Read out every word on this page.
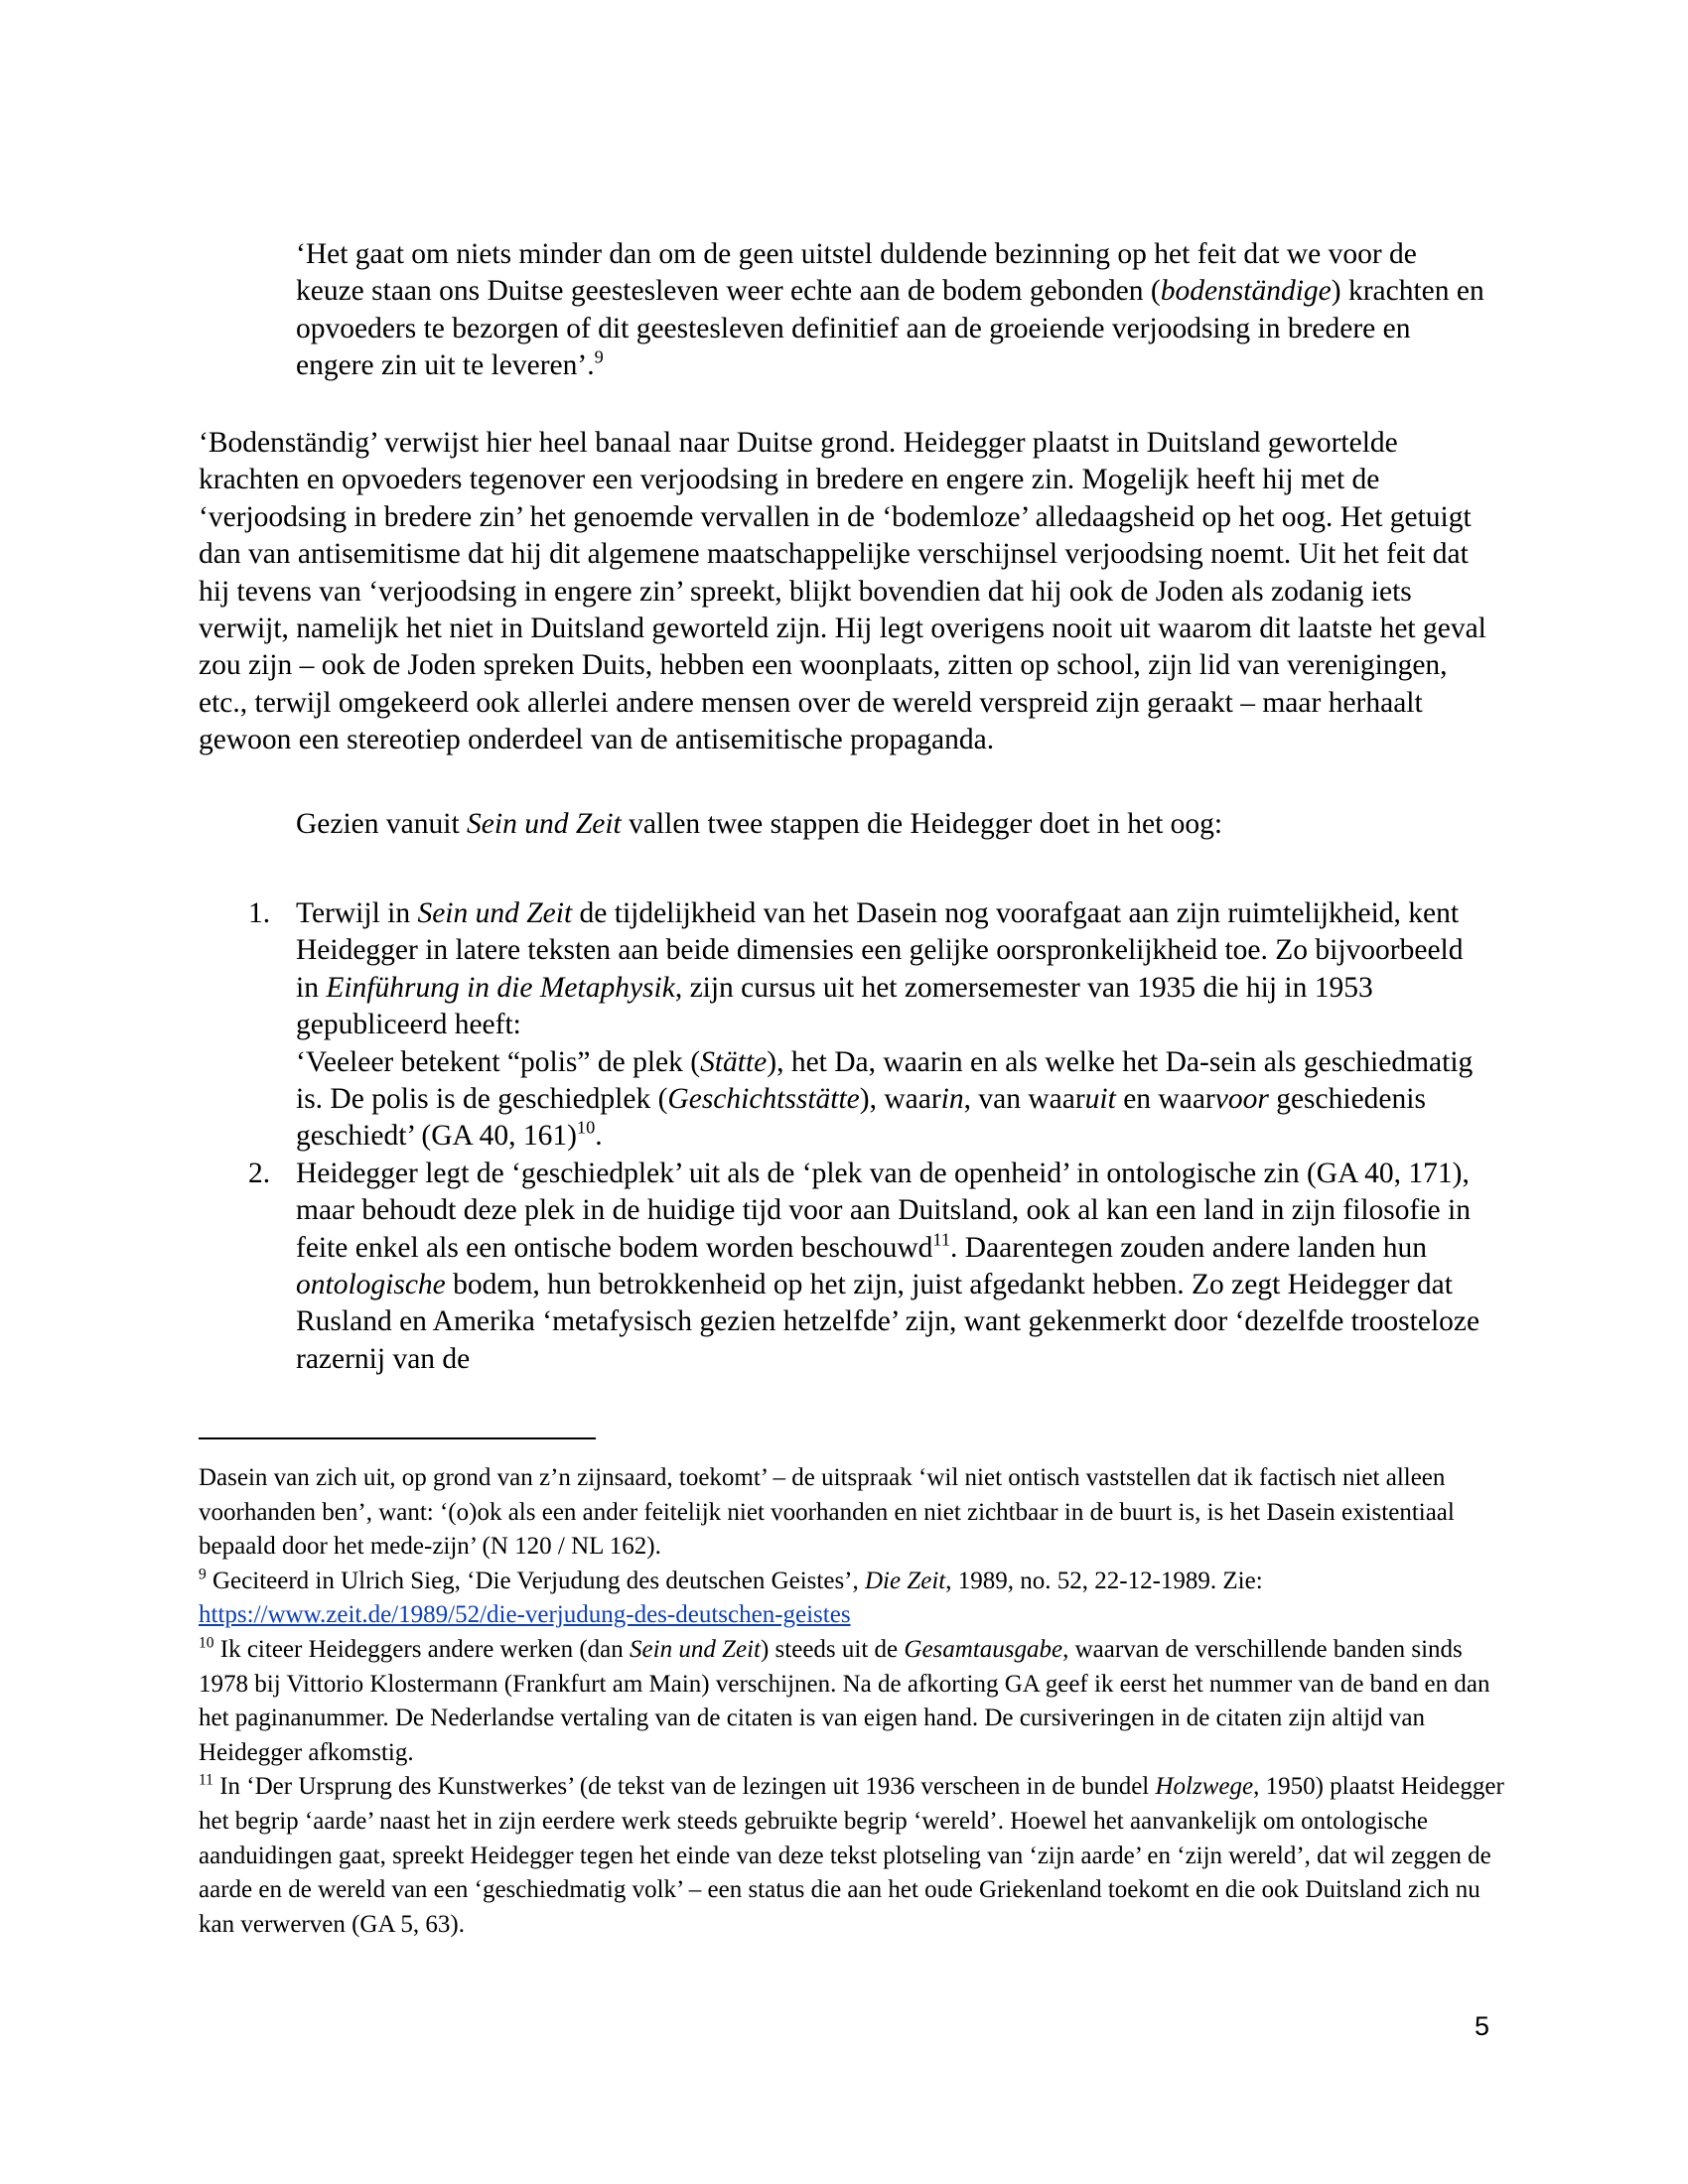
‘Het gaat om niets minder dan om de geen uitstel duldende bezinning op het feit dat we voor de keuze staan ons Duitse geestesleven weer echte aan de bodem gebonden (bodenständige) krachten en opvoeders te bezorgen of dit geestesleven definitief aan de groeiende verjoodsing in bredere en engere zin uit te leveren’.$^9$

‘Bodenständig’ verwijst hier heel banaal naar Duitse grond. Heidegger plaatst in Duitsland gewortelde krachten en opvoeders tegenover een verjoodsing in bredere en engere zin. Mogelijk heeft hij met de ‘verjoodsing in bredere zin’ het genoemde vervallen in de ‘bodemloze’ alledaagsheid op het oog. Het getuigt dan van antisemitisme dat hij dit algemene maatschappelijke verschijnsel verjoodsing noemt. Uit het feit dat hij tevens van ‘verjoodsing in engere zin’ spreekt, blijkt bovendien dat hij ook de Joden als zodanig iets verwijt, namelijk het niet in Duitsland geworteld zijn. Hij legt overigens nooit uit waarom dit laatste het geval zou zijn – ook de Joden spreken Duits, hebben een woonplaats, zitten op school, zijn lid van verenigingen, etc., terwijl omgekeerd ook allerlei andere mensen over de wereld verspreid zijn geraakt – maar herhaalt gewoon een stereotiep onderdeel van de antisemitische propaganda.

Gezien vanuit Sein und Zeit vallen twee stappen die Heidegger doet in het oog:

1. Terwijl in Sein und Zeit de tijdelijkheid van het Dasein nog voorafgaat aan zijn ruimtelijkheid, kent Heidegger in latere teksten aan beide dimensies een gelijke oorspronkelijkheid toe. Zo bijvoorbeeld in Einführung in die Metaphysik, zijn cursus uit het zomersemester van 1935 die hij in 1953 gepubliceerd heeft:
‘Veeleer betekent “polis” de plek (Stätte), het Da, waarin en als welke het Da-sein als geschiedmatig is. De polis is de geschiedplek (Geschichtsstätte), waarin, van waaruit en waarvoor geschiedenis geschiedt’ (GA 40, 161)$^{10}$.
2. Heidegger legt de ‘geschiedplek’ uit als de ‘plek van de openheid’ in ontologische zin (GA 40, 171), maar behoudt deze plek in de huidige tijd voor aan Duitsland, ook al kan een land in zijn filosofie in feite enkel als een ontische bodem worden beschouwd$^{11}$. Daarentegen zouden andere landen hun ontologische bodem, hun betrokkenheid op het zijn, juist afgedankt hebben. Zo zegt Heidegger dat Rusland en Amerika ‘metafysisch gezien hetzelfde’ zijn, want gekenmerkt door ‘dezelfde troosteloze razernij van de

Dasein van zich uit, op grond van z’n zijnsaard, toekomt’ – de uitspraak ‘wil niet ontisch vaststellen dat ik factisch niet alleen voorhanden ben’, want: ‘(o)ok als een ander feitelijk niet voorhanden en niet zichtbaar in de buurt is, is het Dasein existentiaal bepaald door het mede-zijn’ (N 120 / NL 162).

$^9$ Geciteerd in Ulrich Sieg, ‘Die Verjudung des deutschen Geistes’, Die Zeit, 1989, no. 52, 22-12-1989. Zie: https://www.zeit.de/1989/52/die-verjudung-des-deutschen-geistes

$^{10}$ Ik citeer Heideggers andere werken (dan Sein und Zeit) steeds uit de Gesamtausgabe, waarvan de verschillende banden sinds 1978 bij Vittorio Klostermann (Frankfurt am Main) verschijnen. Na de afkorting GA geef ik eerst het nummer van de band en dan het paginanummer. De Nederlandse vertaling van de citaten is van eigen hand. De cursiveringen in de citaten zijn altijd van Heidegger afkomstig.

$^{11}$ In ‘Der Ursprung des Kunstwerkes’ (de tekst van de lezingen uit 1936 verscheen in de bundel Holzwege, 1950) plaatst Heidegger het begrip ‘aarde’ naast het in zijn eerdere werk steeds gebruikte begrip ‘wereld’. Hoewel het aanvankelijk om ontologische aanduidingen gaat, spreekt Heidegger tegen het einde van deze tekst plotseling van ‘zijn aarde’ en ‘zijn wereld’, dat wil zeggen de aarde en de wereld van een ‘geschiedmatig volk’ – een status die aan het oude Griekenland toekomt en die ook Duitsland zich nu kan verwerven (GA 5, 63).

5
